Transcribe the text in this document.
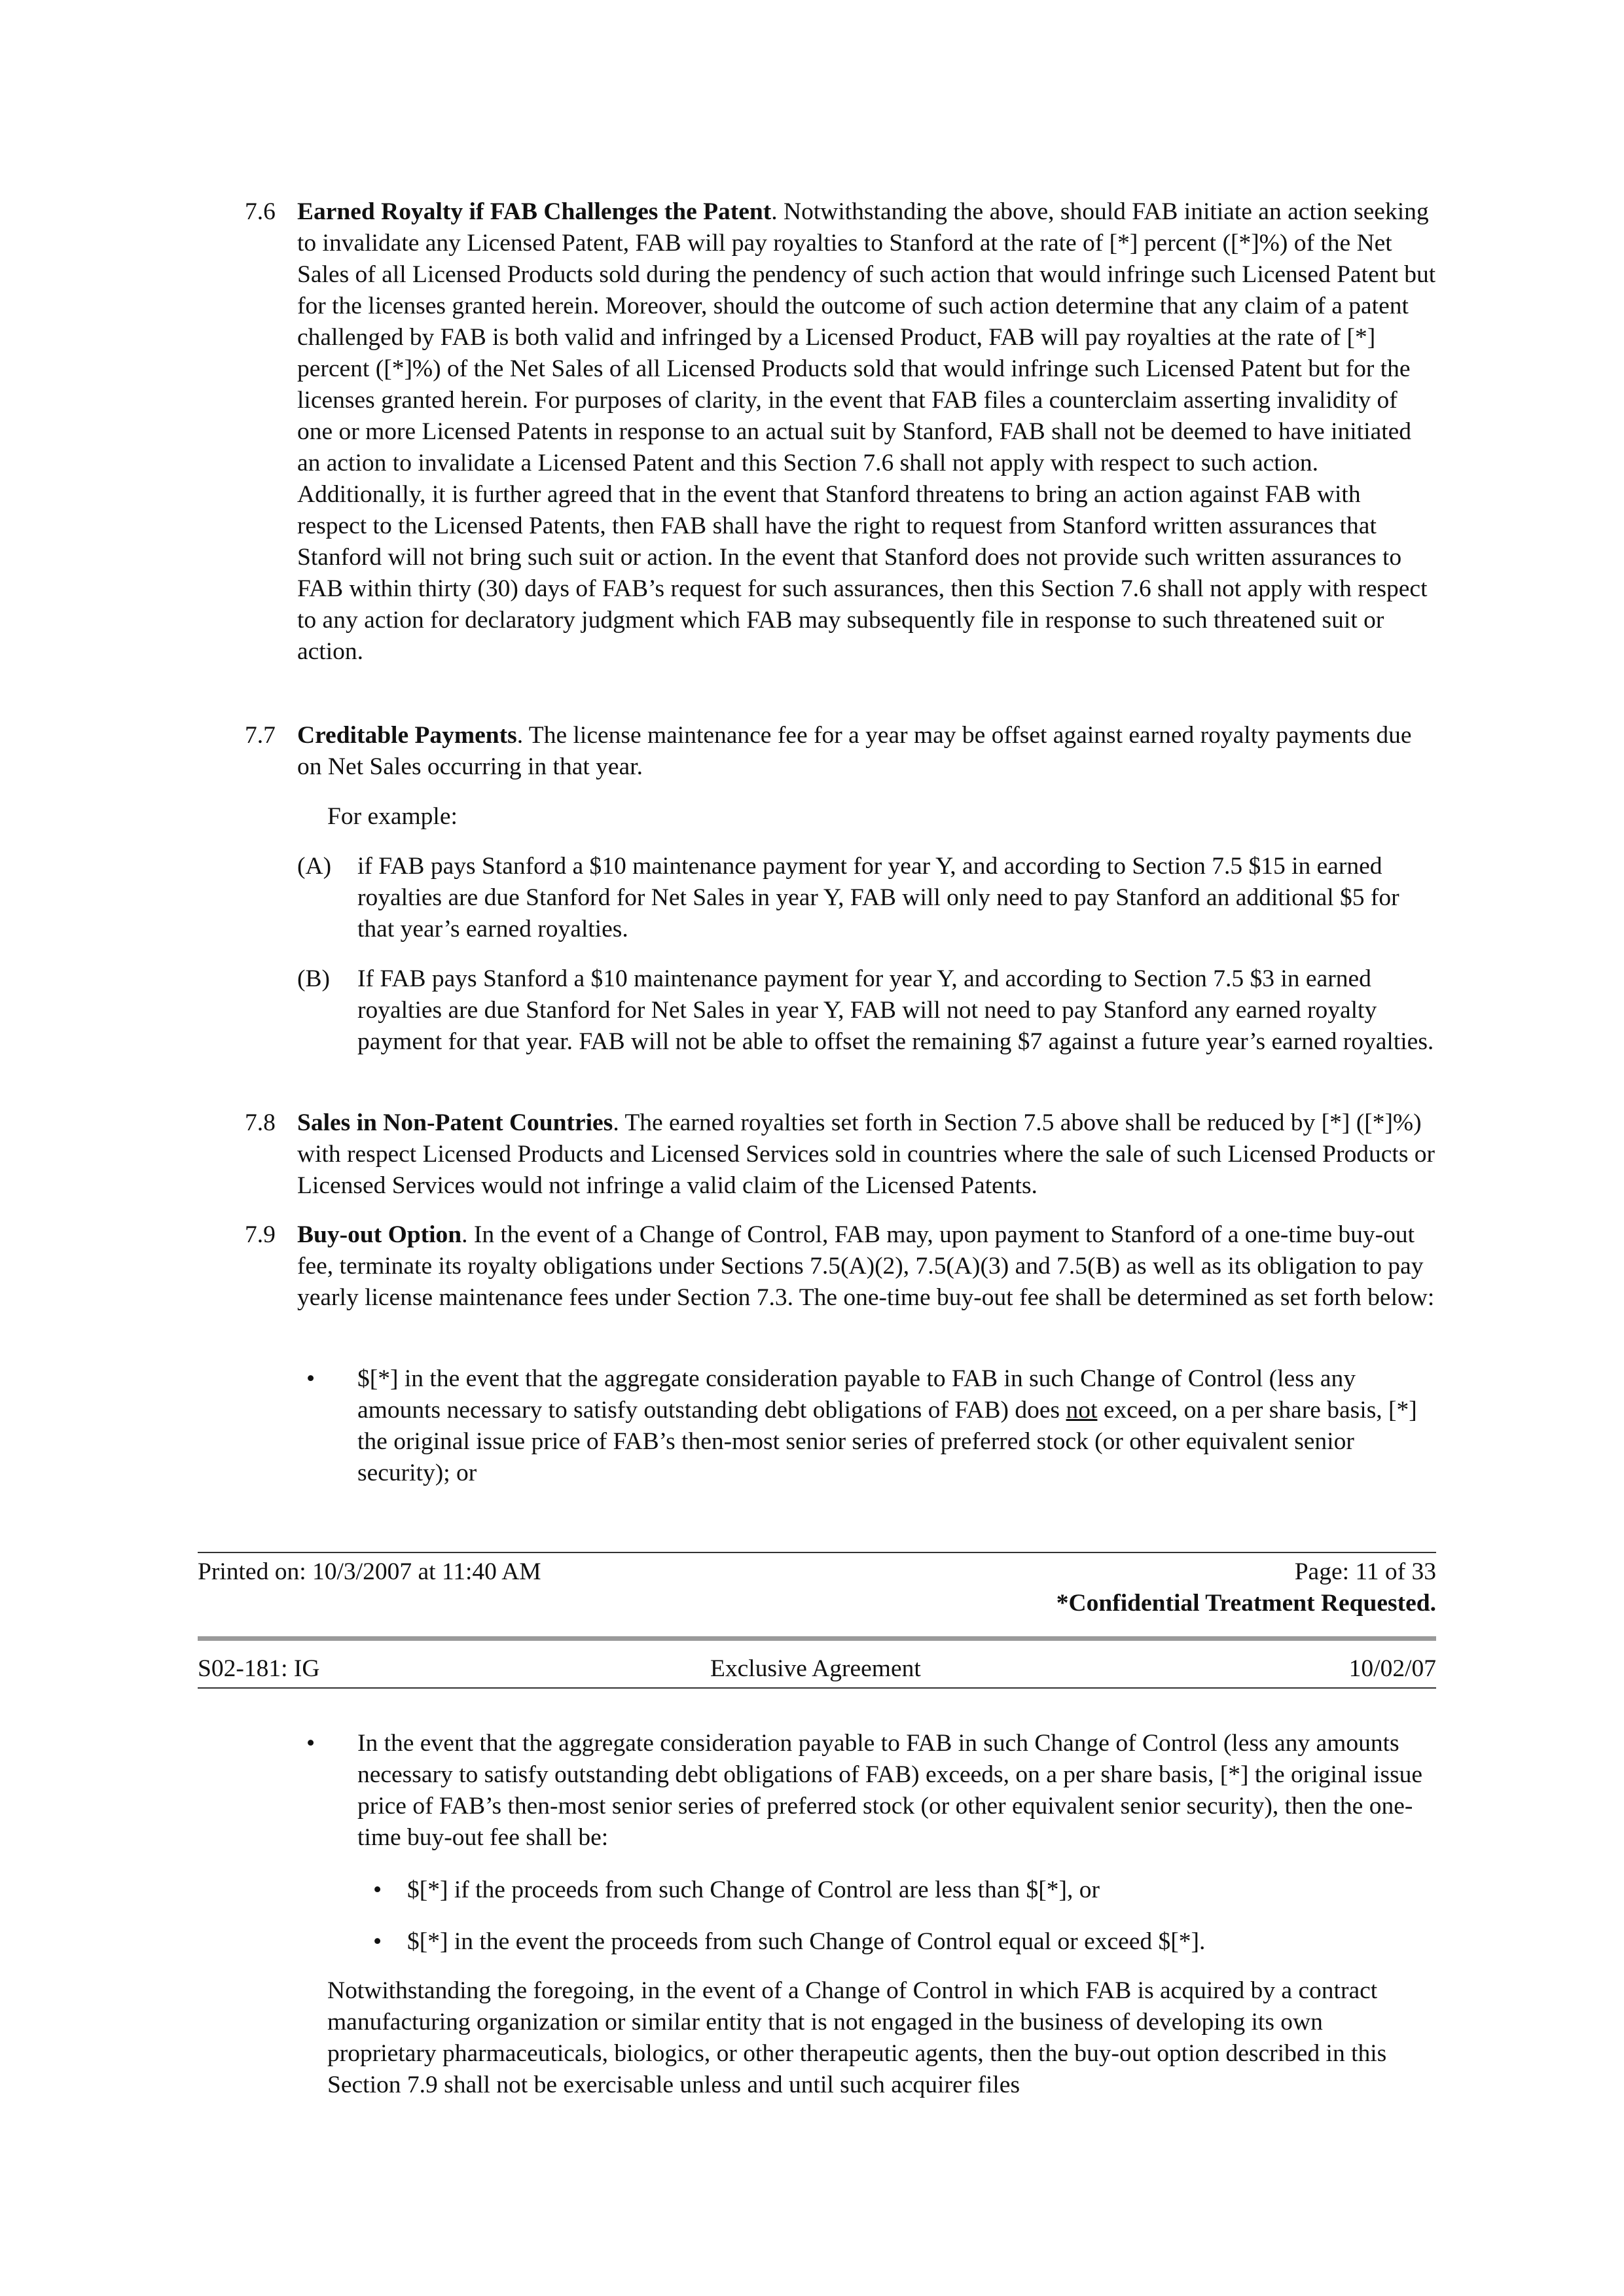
7.6 Earned Royalty if FAB Challenges the Patent. Notwithstanding the above, should FAB initiate an action seeking to invalidate any Licensed Patent, FAB will pay royalties to Stanford at the rate of [*] percent ([*]%) of the Net Sales of all Licensed Products sold during the pendency of such action that would infringe such Licensed Patent but for the licenses granted herein. Moreover, should the outcome of such action determine that any claim of a patent challenged by FAB is both valid and infringed by a Licensed Product, FAB will pay royalties at the rate of [*] percent ([*]%) of the Net Sales of all Licensed Products sold that would infringe such Licensed Patent but for the licenses granted herein. For purposes of clarity, in the event that FAB files a counterclaim asserting invalidity of one or more Licensed Patents in response to an actual suit by Stanford, FAB shall not be deemed to have initiated an action to invalidate a Licensed Patent and this Section 7.6 shall not apply with respect to such action. Additionally, it is further agreed that in the event that Stanford threatens to bring an action against FAB with respect to the Licensed Patents, then FAB shall have the right to request from Stanford written assurances that Stanford will not bring such suit or action. In the event that Stanford does not provide such written assurances to FAB within thirty (30) days of FAB’s request for such assurances, then this Section 7.6 shall not apply with respect to any action for declaratory judgment which FAB may subsequently file in response to such threatened suit or action.
7.7 Creditable Payments. The license maintenance fee for a year may be offset against earned royalty payments due on Net Sales occurring in that year.
For example:
(A)	if FAB pays Stanford a $10 maintenance payment for year Y, and according to Section 7.5 $15 in earned royalties are due Stanford for Net Sales in year Y, FAB will only need to pay Stanford an additional $5 for that year’s earned royalties.
(B)	If FAB pays Stanford a $10 maintenance payment for year Y, and according to Section 7.5 $3 in earned royalties are due Stanford for Net Sales in year Y, FAB will not need to pay Stanford any earned royalty payment for that year. FAB will not be able to offset the remaining $7 against a future year’s earned royalties.
7.8 Sales in Non-Patent Countries. The earned royalties set forth in Section 7.5 above shall be reduced by [*] ([*]%) with respect Licensed Products and Licensed Services sold in countries where the sale of such Licensed Products or Licensed Services would not infringe a valid claim of the Licensed Patents.
7.9 Buy-out Option. In the event of a Change of Control, FAB may, upon payment to Stanford of a one-time buy-out fee, terminate its royalty obligations under Sections 7.5(A)(2), 7.5(A)(3) and 7.5(B) as well as its obligation to pay yearly license maintenance fees under Section 7.3. The one-time buy-out fee shall be determined as set forth below:
•	$[*] in the event that the aggregate consideration payable to FAB in such Change of Control (less any amounts necessary to satisfy outstanding debt obligations of FAB) does not exceed, on a per share basis, [*] the original issue price of FAB’s then-most senior series of preferred stock (or other equivalent senior security); or
Printed on: 10/3/2007 at 11:40 AM	Page: 11 of 33
*Confidential Treatment Requested.
S02-181: IG	Exclusive Agreement	10/02/07
•	In the event that the aggregate consideration payable to FAB in such Change of Control (less any amounts necessary to satisfy outstanding debt obligations of FAB) exceeds, on a per share basis, [*] the original issue price of FAB’s then-most senior series of preferred stock (or other equivalent senior security), then the one-time buy-out fee shall be:
•	$[*] if the proceeds from such Change of Control are less than $[*], or
•	$[*] in the event the proceeds from such Change of Control equal or exceed $[*].
Notwithstanding the foregoing, in the event of a Change of Control in which FAB is acquired by a contract manufacturing organization or similar entity that is not engaged in the business of developing its own proprietary pharmaceuticals, biologics, or other therapeutic agents, then the buy-out option described in this Section 7.9 shall not be exercisable unless and until such acquirer files
